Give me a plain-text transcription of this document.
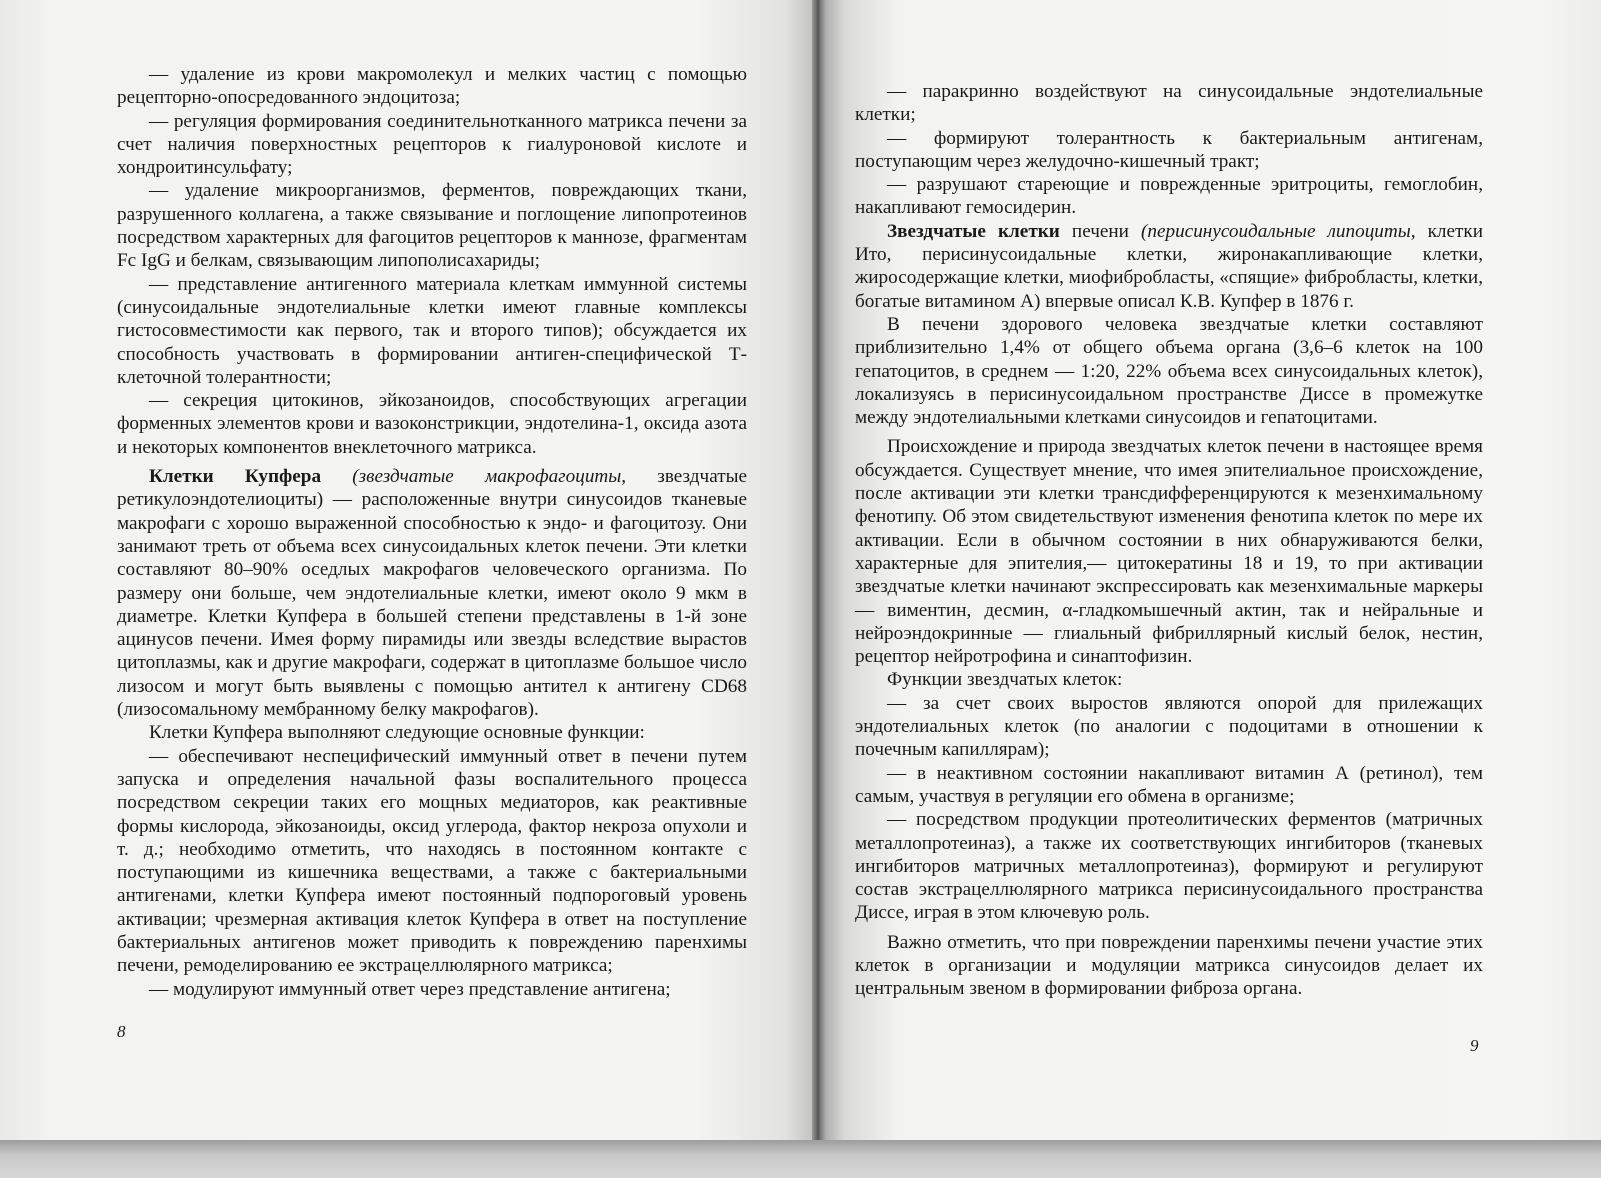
— удаление из крови макромолекул и мелких частиц с помощью рецепторно-опосредованного эндоцитоза;

— регуляция формирования соединительнотканного матрикса печени за счет наличия поверхностных рецепторов к гиалуроновой кислоте и хондроитинсульфату;

— удаление микроорганизмов, ферментов, повреждающих ткани, разрушенного коллагена, а также связывание и поглощение липопротеинов посредством характерных для фагоцитов рецепторов к маннозе, фрагментам Fc IgG и белкам, связывающим липополисахариды;

— представление антигенного материала клеткам иммунной системы (синусоидальные эндотелиальные клетки имеют главные комплексы гистосовместимости как первого, так и второго типов); обсуждается их способность участвовать в формировании антиген-специфической Т-клеточной толерантности;

— секреция цитокинов, эйкозаноидов, способствующих агрегации форменных элементов крови и вазоконстрикции, эндотелина-1, оксида азота и некоторых компонентов внеклеточного матрикса.

Клетки Купфера (звездчатые макрофагоциты, звездчатые ретикулоэндотелиоциты) — расположенные внутри синусоидов тканевые макрофаги с хорошо выраженной способностью к эндо- и фагоцитозу. Они занимают треть от объема всех синусоидальных клеток печени. Эти клетки составляют 80–90% оседлых макрофагов человеческого организма. По размеру они больше, чем эндотелиальные клетки, имеют около 9 мкм в диаметре. Клетки Купфера в большей степени представлены в 1-й зоне ацинусов печени. Имея форму пирамиды или звезды вследствие вырастов цитоплазмы, как и другие макрофаги, содержат в цитоплазме большое число лизосом и могут быть выявлены с помощью антител к антигену CD68 (лизосомальному мембранному белку макрофагов).

Клетки Купфера выполняют следующие основные функции:

— обеспечивают неспецифический иммунный ответ в печени путем запуска и определения начальной фазы воспалительного процесса посредством секреции таких его мощных медиаторов, как реактивные формы кислорода, эйкозаноиды, оксид углерода, фактор некроза опухоли и т. д.; необходимо отметить, что находясь в постоянном контакте с поступающими из кишечника веществами, а также с бактериальными антигенами, клетки Купфера имеют постоянный подпороговый уровень активации; чрезмерная активация клеток Купфера в ответ на поступление бактериальных антигенов может приводить к повреждению паренхимы печени, ремоделированию ее экстрацеллюлярного матрикса;

— модулируют иммунный ответ через представление антигена;

8

— паракринно воздействуют на синусоидальные эндотелиальные клетки;

— формируют толерантность к бактериальным антигенам, поступающим через желудочно-кишечный тракт;

— разрушают стареющие и поврежденные эритроциты, гемоглобин, накапливают гемосидерин.

Звездчатые клетки печени (перисинусоидальные липоциты, клетки Ито, перисинусоидальные клетки, жиронакапливающие клетки, жиросодержащие клетки, миофибробласты, «спящие» фибробласты, клетки, богатые витамином А) впервые описал К.В. Купфер в 1876 г.

В печени здорового человека звездчатые клетки составляют приблизительно 1,4% от общего объема органа (3,6–6 клеток на 100 гепатоцитов, в среднем — 1:20, 22% объема всех синусоидальных клеток), локализуясь в перисинусоидальном пространстве Диссе в промежутке между эндотелиальными клетками синусоидов и гепатоцитами.

Происхождение и природа звездчатых клеток печени в настоящее время обсуждается. Существует мнение, что имея эпителиальное происхождение, после активации эти клетки трансдифференцируются к мезенхимальному фенотипу. Об этом свидетельствуют изменения фенотипа клеток по мере их активации. Если в обычном состоянии в них обнаруживаются белки, характерные для эпителия,— цитокератины 18 и 19, то при активации звездчатые клетки начинают экспрессировать как мезенхимальные маркеры — виментин, десмин, α-гладкомышечный актин, так и нейральные и нейроэндокринные — глиальный фибриллярный кислый белок, нестин, рецептор нейротрофина и синаптофизин.

Функции звездчатых клеток:

— за счет своих выростов являются опорой для прилежащих эндотелиальных клеток (по аналогии с подоцитами в отношении к почечным капиллярам);

— в неактивном состоянии накапливают витамин А (ретинол), тем самым, участвуя в регуляции его обмена в организме;

— посредством продукции протеолитических ферментов (матричных металлопротеиназ), а также их соответствующих ингибиторов (тканевых ингибиторов матричных металлопротеиназ), формируют и регулируют состав экстрацеллюлярного матрикса перисинусоидального пространства Диссе, играя в этом ключевую роль.

Важно отметить, что при повреждении паренхимы печени участие этих клеток в организации и модуляции матрикса синусоидов делает их центральным звеном в формировании фиброза органа.

9
